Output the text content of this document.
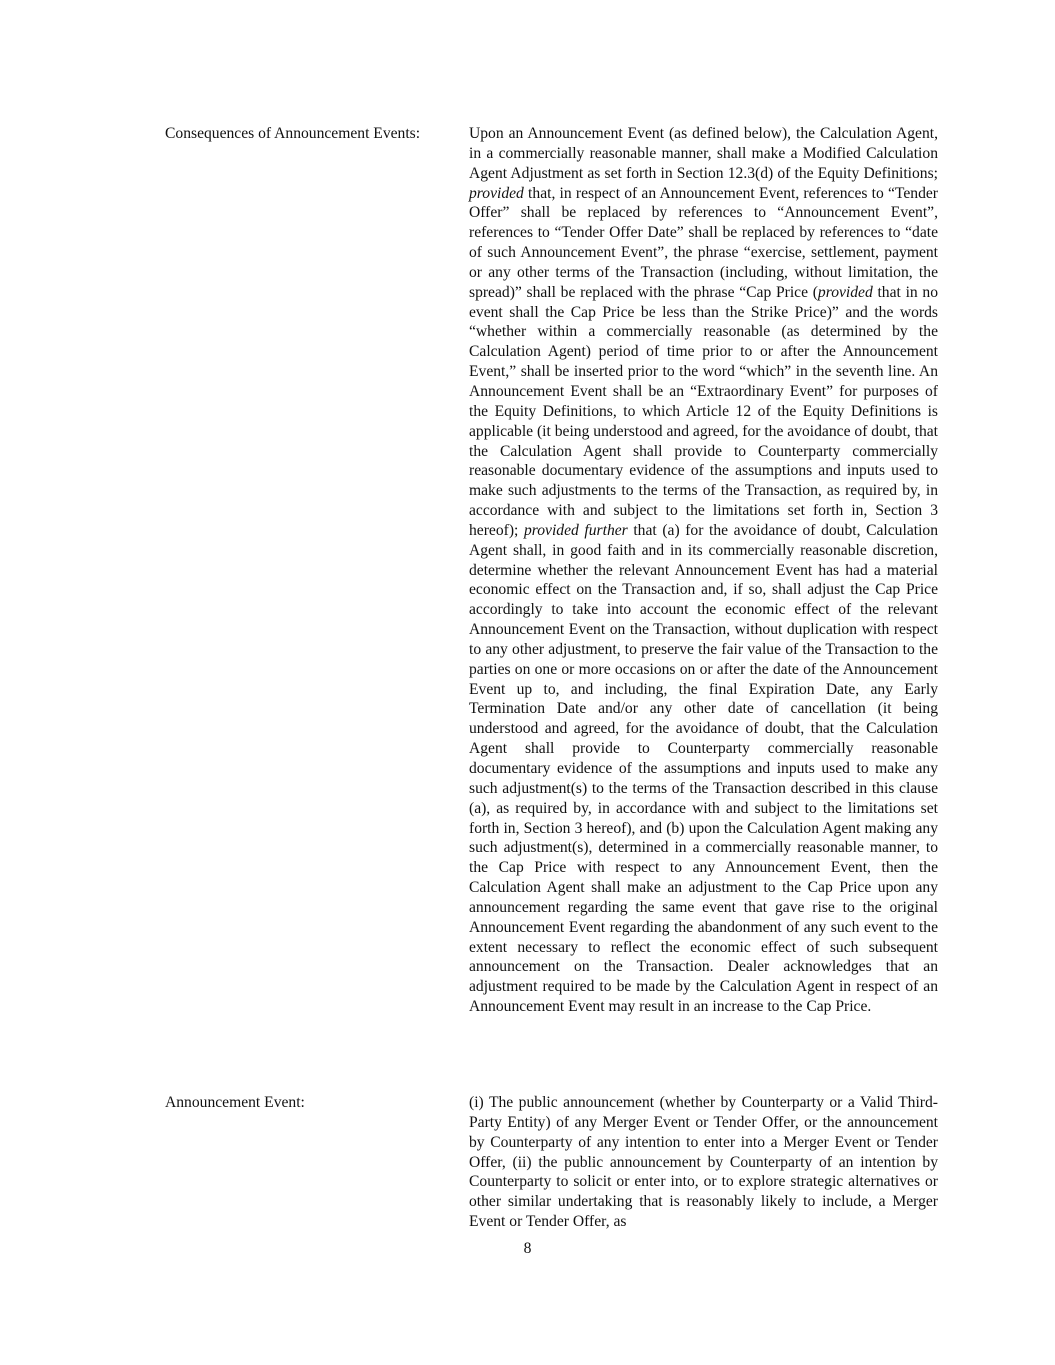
Consequences of Announcement Events:	Upon an Announcement Event (as defined below), the Calculation Agent, in a commercially reasonable manner, shall make a Modified Calculation Agent Adjustment as set forth in Section 12.3(d) of the Equity Definitions; provided that, in respect of an Announcement Event, references to “Tender Offer” shall be replaced by references to “Announcement Event”, references to “Tender Offer Date” shall be replaced by references to “date of such Announcement Event”, the phrase “exercise, settlement, payment or any other terms of the Transaction (including, without limitation, the spread)” shall be replaced with the phrase “Cap Price (provided that in no event shall the Cap Price be less than the Strike Price)” and the words “whether within a commercially reasonable (as determined by the Calculation Agent) period of time prior to or after the Announcement Event,” shall be inserted prior to the word “which” in the seventh line. An Announcement Event shall be an “Extraordinary Event” for purposes of the Equity Definitions, to which Article 12 of the Equity Definitions is applicable (it being understood and agreed, for the avoidance of doubt, that the Calculation Agent shall provide to Counterparty commercially reasonable documentary evidence of the assumptions and inputs used to make such adjustments to the terms of the Transaction, as required by, in accordance with and subject to the limitations set forth in, Section 3 hereof); provided further that (a) for the avoidance of doubt, Calculation Agent shall, in good faith and in its commercially reasonable discretion, determine whether the relevant Announcement Event has had a material economic effect on the Transaction and, if so, shall adjust the Cap Price accordingly to take into account the economic effect of the relevant Announcement Event on the Transaction, without duplication with respect to any other adjustment, to preserve the fair value of the Transaction to the parties on one or more occasions on or after the date of the Announcement Event up to, and including, the final Expiration Date, any Early Termination Date and/or any other date of cancellation (it being understood and agreed, for the avoidance of doubt, that the Calculation Agent shall provide to Counterparty commercially reasonable documentary evidence of the assumptions and inputs used to make any such adjustment(s) to the terms of the Transaction described in this clause (a), as required by, in accordance with and subject to the limitations set forth in, Section 3 hereof), and (b) upon the Calculation Agent making any such adjustment(s), determined in a commercially reasonable manner, to the Cap Price with respect to any Announcement Event, then the Calculation Agent shall make an adjustment to the Cap Price upon any announcement regarding the same event that gave rise to the original Announcement Event regarding the abandonment of any such event to the extent necessary to reflect the economic effect of such subsequent announcement on the Transaction. Dealer acknowledges that an adjustment required to be made by the Calculation Agent in respect of an Announcement Event may result in an increase to the Cap Price.
Announcement Event:	(i) The public announcement (whether by Counterparty or a Valid Third-Party Entity) of any Merger Event or Tender Offer, or the announcement by Counterparty of any intention to enter into a Merger Event or Tender Offer, (ii) the public announcement by Counterparty of an intention by Counterparty to solicit or enter into, or to explore strategic alternatives or other similar undertaking that is reasonably likely to include, a Merger Event or Tender Offer, as
8
